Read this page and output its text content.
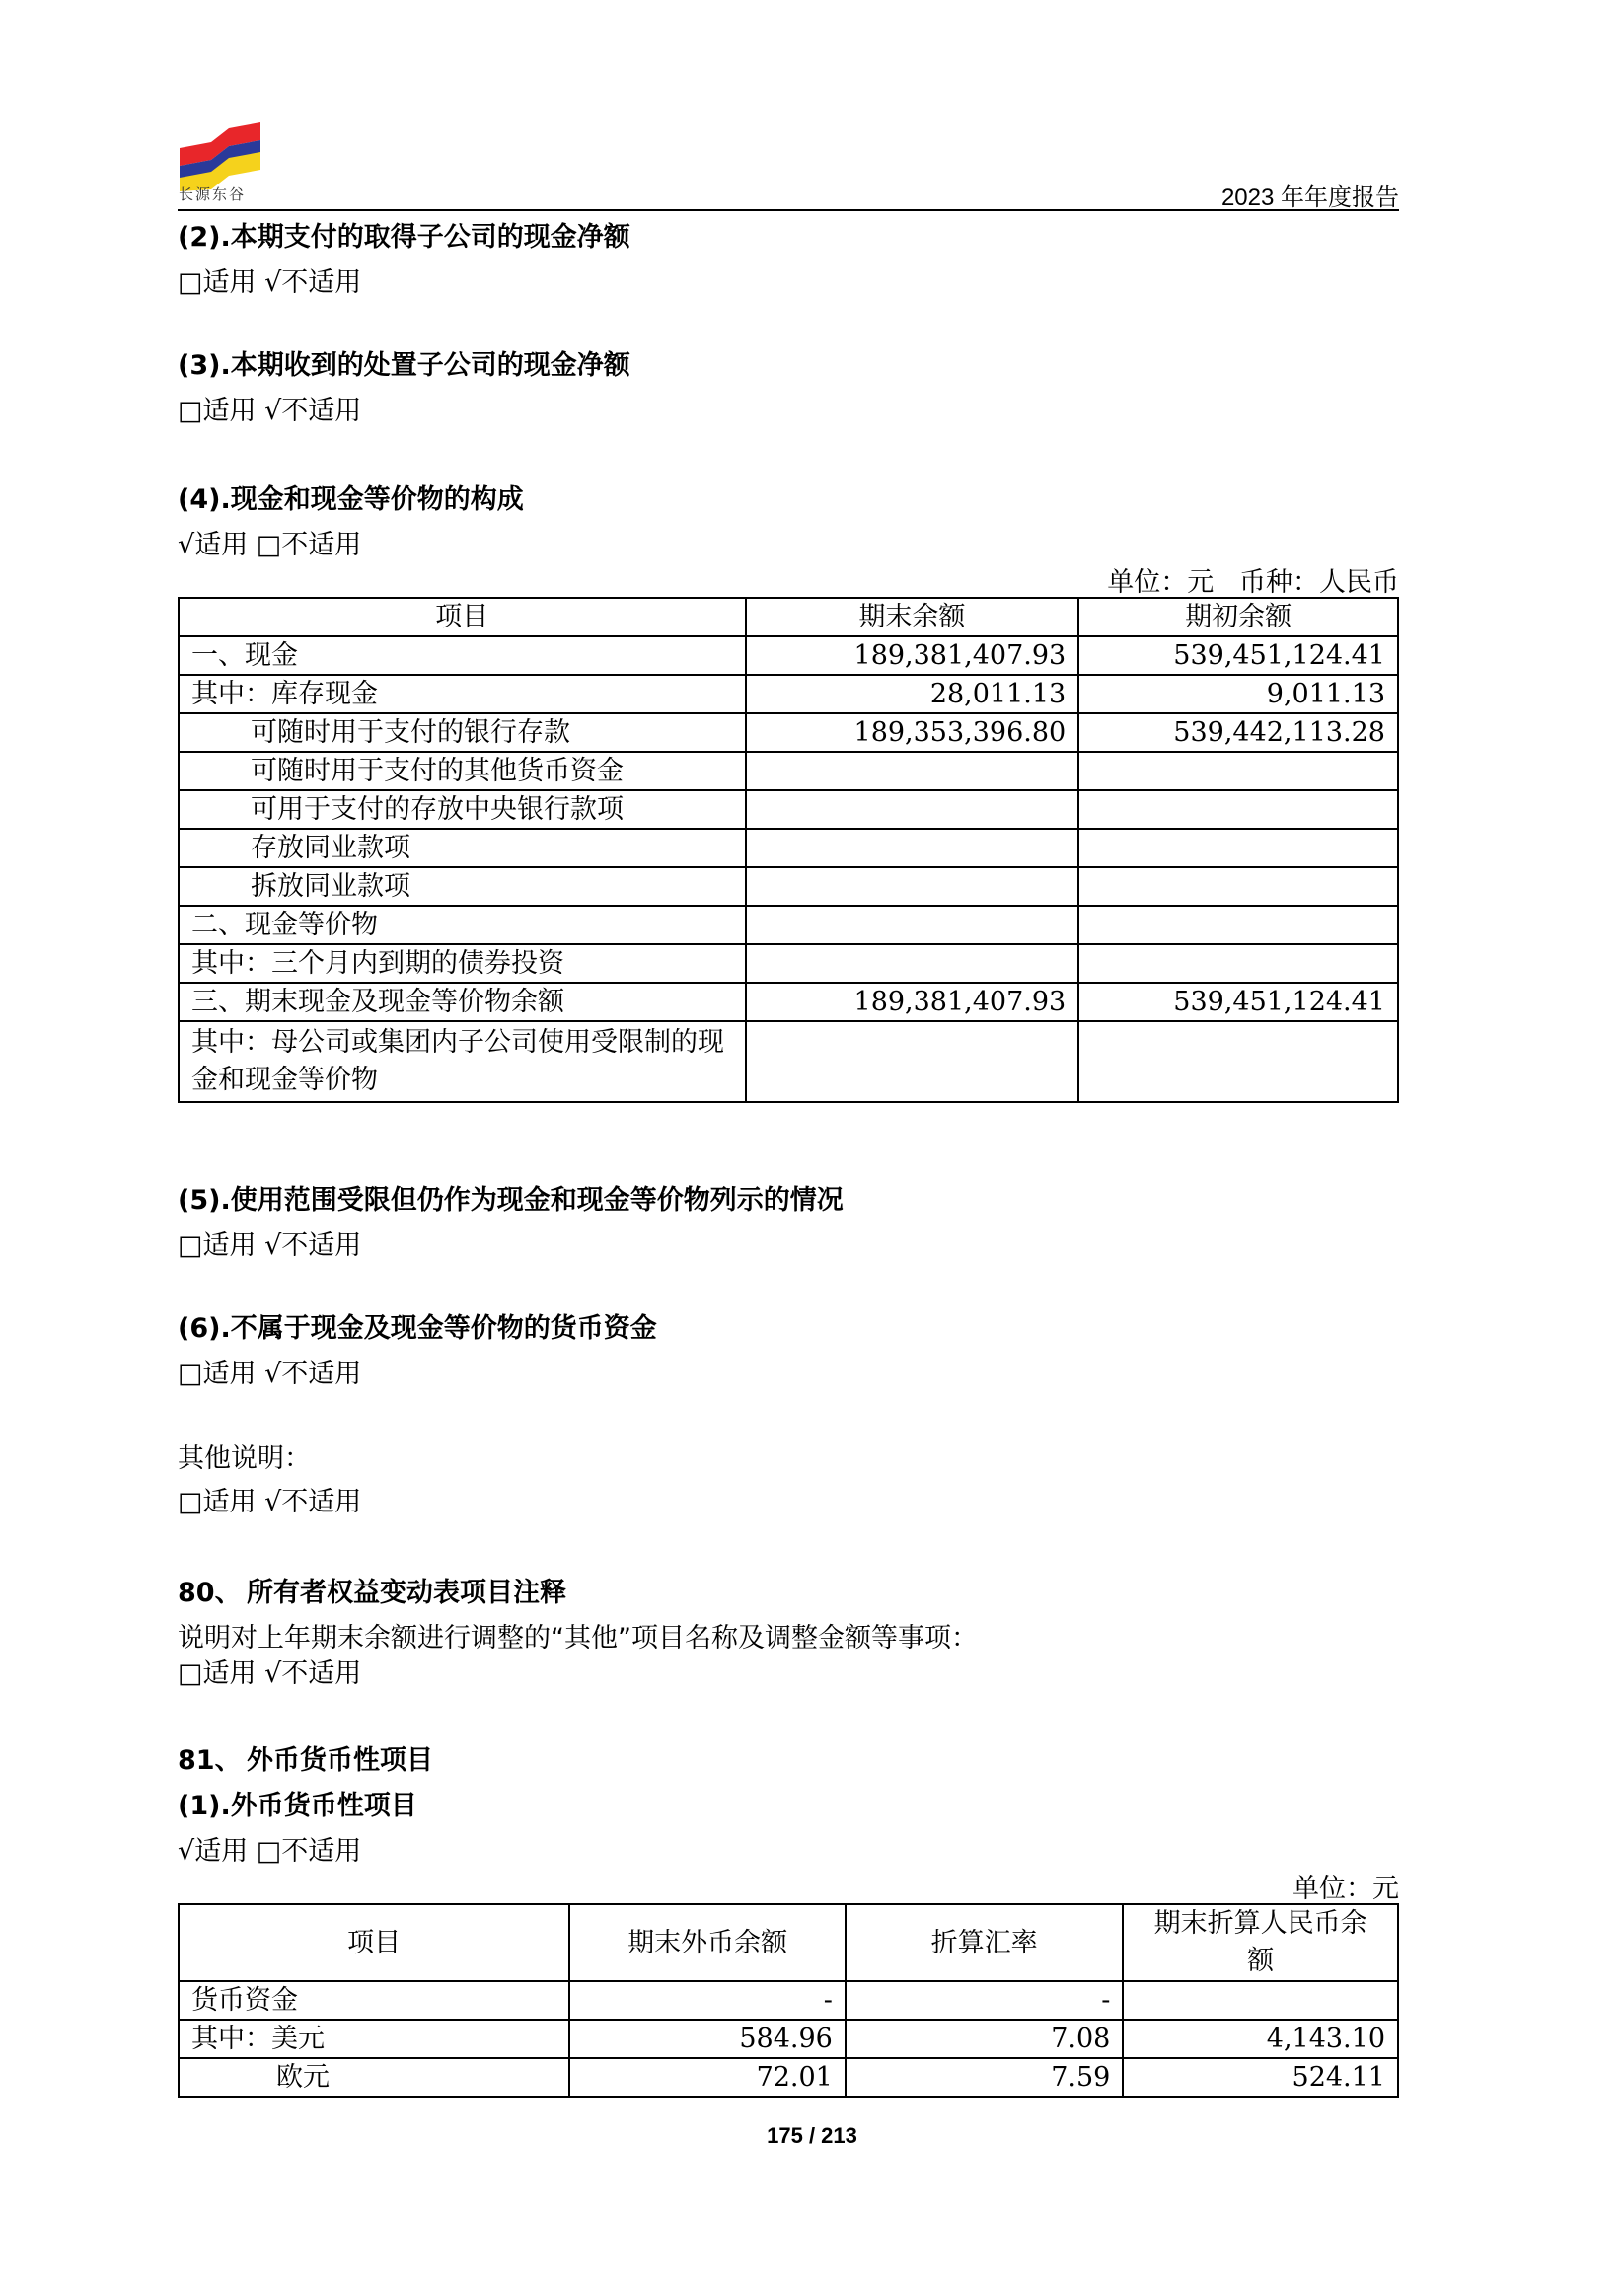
长源东谷	2023 年年度报告
(2).本期支付的取得子公司的现金净额
□适用 √不适用
(3).本期收到的处置子公司的现金净额
□适用 √不适用
(4).现金和现金等价物的构成
√适用 □不适用
单位：元   币种：人民币
项目	期末余额	期初余额
一、现金	189,381,407.93	539,451,124.41
其中：库存现金	28,011.13	9,011.13
可随时用于支付的银行存款	189,353,396.80	539,442,113.28
可随时用于支付的其他货币资金		
可用于支付的存放中央银行款项		
存放同业款项		
拆放同业款项		
二、现金等价物		
其中：三个月内到期的债券投资		
三、期末现金及现金等价物余额	189,381,407.93	539,451,124.41
其中：母公司或集团内子公司使用受限制的现金和现金等价物		
(5).使用范围受限但仍作为现金和现金等价物列示的情况
□适用 √不适用
(6).不属于现金及现金等价物的货币资金
□适用 √不适用
其他说明：
□适用 √不适用
80、 所有者权益变动表项目注释
说明对上年期末余额进行调整的“其他”项目名称及调整金额等事项：
□适用 √不适用
81、 外币货币性项目
(1).外币货币性项目
√适用 □不适用
单位：元
项目	期末外币余额	折算汇率	期末折算人民币余额
货币资金	-	-	
其中：美元	584.96	7.08	4,143.10
欧元	72.01	7.59	524.11
175 / 213
